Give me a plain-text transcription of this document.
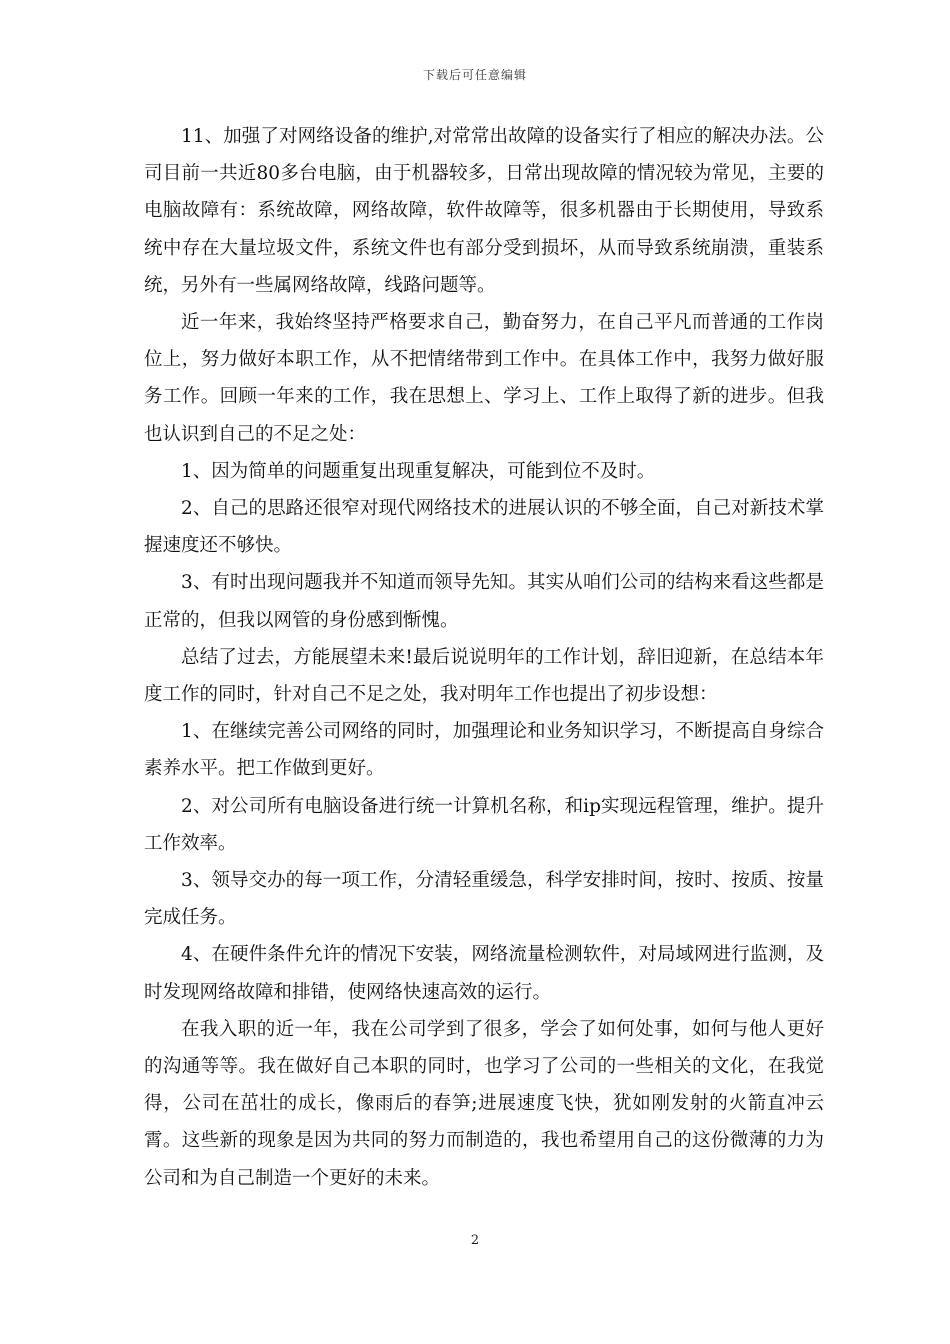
下载后可任意编辑

11、加强了对网络设备的维护,对常常出故障的设备实行了相应的解决办法。公司目前一共近80多台电脑，由于机器较多，日常出现故障的情况较为常见，主要的电脑故障有：系统故障，网络故障，软件故障等，很多机器由于长期使用，导致系统中存在大量垃圾文件，系统文件也有部分受到损坏，从而导致系统崩溃，重装系统，另外有一些属网络故障，线路问题等。

近一年来，我始终坚持严格要求自己，勤奋努力，在自己平凡而普通的工作岗位上，努力做好本职工作，从不把情绪带到工作中。在具体工作中，我努力做好服务工作。回顾一年来的工作，我在思想上、学习上、工作上取得了新的进步。但我也认识到自己的不足之处：

1、因为简单的问题重复出现重复解决，可能到位不及时。

2、自己的思路还很窄对现代网络技术的进展认识的不够全面，自己对新技术掌握速度还不够快。

3、有时出现问题我并不知道而领导先知。其实从咱们公司的结构来看这些都是正常的，但我以网管的身份感到惭愧。

总结了过去，方能展望未来!最后说说明年的工作计划，辞旧迎新，在总结本年度工作的同时，针对自己不足之处，我对明年工作也提出了初步设想：

1、在继续完善公司网络的同时，加强理论和业务知识学习，不断提高自身综合素养水平。把工作做到更好。

2、对公司所有电脑设备进行统一计算机名称，和ip实现远程管理，维护。提升工作效率。

3、领导交办的每一项工作，分清轻重缓急，科学安排时间，按时、按质、按量完成任务。

4、在硬件条件允许的情况下安装，网络流量检测软件，对局域网进行监测，及时发现网络故障和排错，使网络快速高效的运行。

在我入职的近一年，我在公司学到了很多，学会了如何处事，如何与他人更好的沟通等等。我在做好自己本职的同时，也学习了公司的一些相关的文化，在我觉得，公司在茁壮的成长，像雨后的春笋;进展速度飞快，犹如刚发射的火箭直冲云霄。这些新的现象是因为共同的努力而制造的，我也希望用自己的这份微薄的力为公司和为自己制造一个更好的未来。

2
